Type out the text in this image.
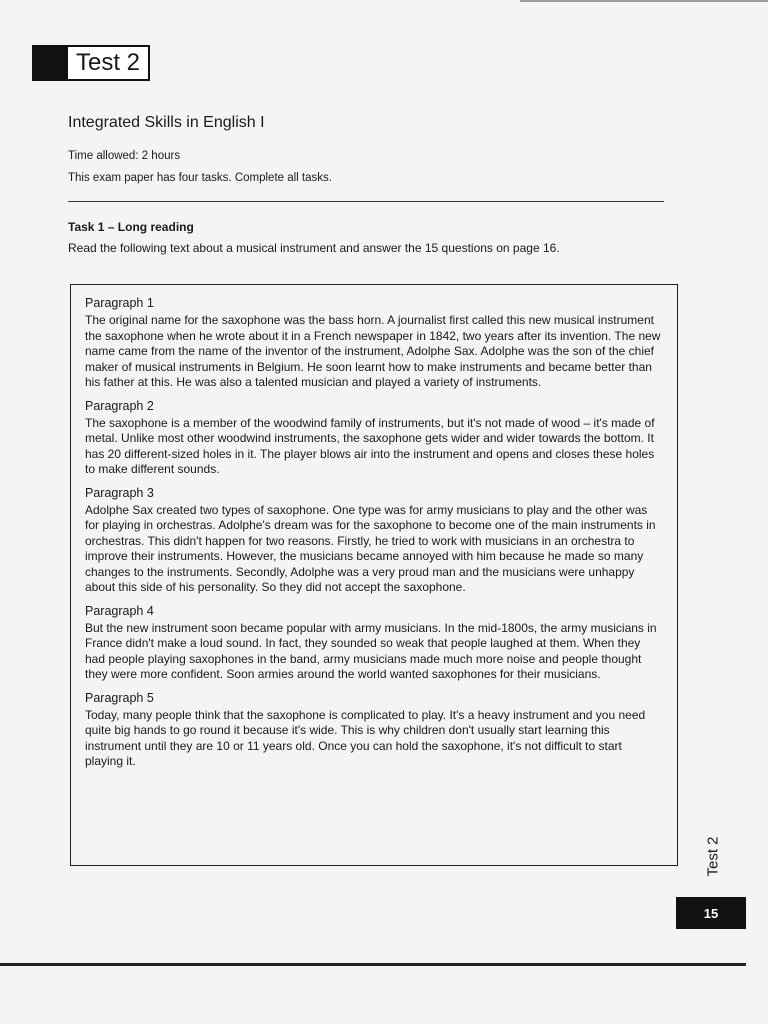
Test 2
Integrated Skills in English I
Time allowed: 2 hours
This exam paper has four tasks. Complete all tasks.
Task 1 – Long reading
Read the following text about a musical instrument and answer the 15 questions on page 16.
Paragraph 1

The original name for the saxophone was the bass horn. A journalist first called this new musical instrument the saxophone when he wrote about it in a French newspaper in 1842, two years after its invention. The new name came from the name of the inventor of the instrument, Adolphe Sax. Adolphe was the son of the chief maker of musical instruments in Belgium. He soon learnt how to make instruments and became better than his father at this. He was also a talented musician and played a variety of instruments.

Paragraph 2

The saxophone is a member of the woodwind family of instruments, but it's not made of wood – it's made of metal. Unlike most other woodwind instruments, the saxophone gets wider and wider towards the bottom. It has 20 different-sized holes in it. The player blows air into the instrument and opens and closes these holes to make different sounds.

Paragraph 3

Adolphe Sax created two types of saxophone. One type was for army musicians to play and the other was for playing in orchestras. Adolphe's dream was for the saxophone to become one of the main instruments in orchestras. This didn't happen for two reasons. Firstly, he tried to work with musicians in an orchestra to improve their instruments. However, the musicians became annoyed with him because he made so many changes to the instruments. Secondly, Adolphe was a very proud man and the musicians were unhappy about this side of his personality. So they did not accept the saxophone.

Paragraph 4

But the new instrument soon became popular with army musicians. In the mid-1800s, the army musicians in France didn't make a loud sound. In fact, they sounded so weak that people laughed at them. When they had people playing saxophones in the band, army musicians made much more noise and people thought they were more confident. Soon armies around the world wanted saxophones for their musicians.

Paragraph 5

Today, many people think that the saxophone is complicated to play. It's a heavy instrument and you need quite big hands to go round it because it's wide. This is why children don't usually start learning this instrument until they are 10 or 11 years old. Once you can hold the saxophone, it's not difficult to start playing it.

Test 2
15
